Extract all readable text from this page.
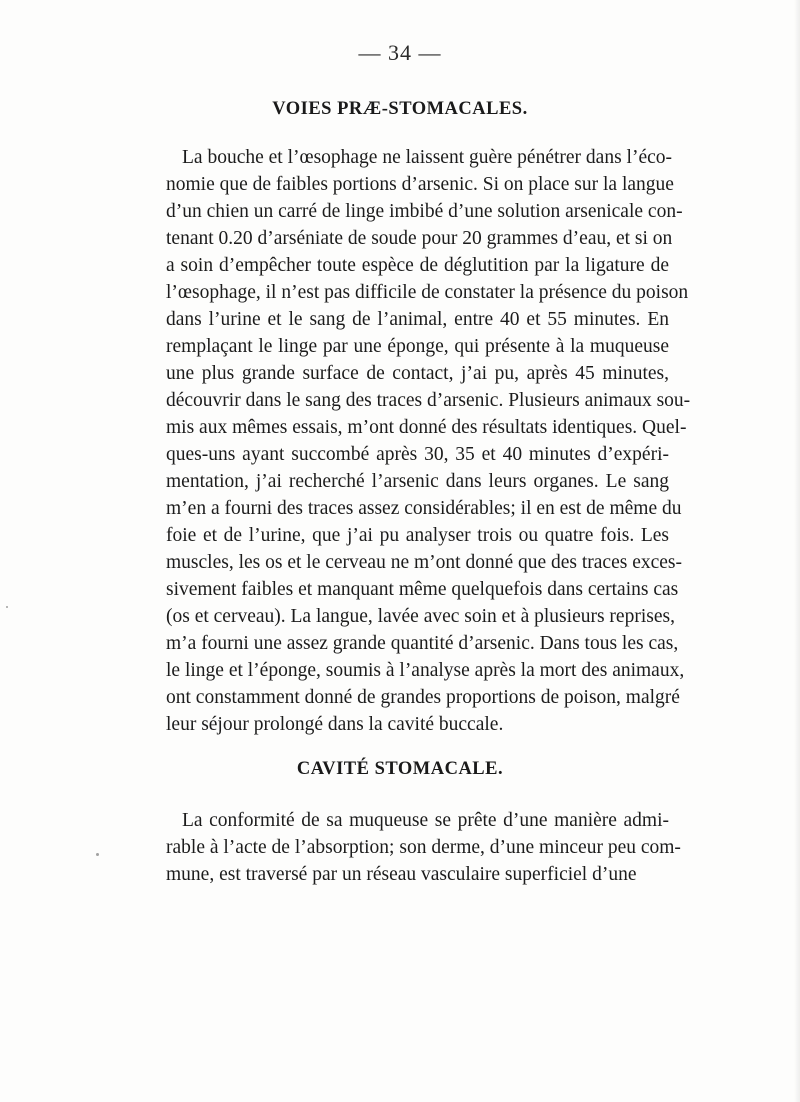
— 34 —
VOIES PRÆ-STOMACALES.
La bouche et l’œsophage ne laissent guère pénétrer dans l’éco-
nomie que de faibles portions d’arsenic. Si on place sur la langue
d’un chien un carré de linge imbibé d’une solution arsenicale con-
tenant 0.20 d’arséniate de soude pour 20 grammes d’eau, et si on
a soin d’empêcher toute espèce de déglutition par la ligature de
l’œsophage, il n’est pas difficile de constater la présence du poison
dans l’urine et le sang de l’animal, entre 40 et 55 minutes. En
remplaçant le linge par une éponge, qui présente à la muqueuse
une plus grande surface de contact, j’ai pu, après 45 minutes,
découvrir dans le sang des traces d’arsenic. Plusieurs animaux sou-
mis aux mêmes essais, m’ont donné des résultats identiques. Quel-
ques-uns ayant succombé après 30, 35 et 40 minutes d’expéri-
mentation, j’ai recherché l’arsenic dans leurs organes. Le sang
m’en a fourni des traces assez considérables; il en est de même du
foie et de l’urine, que j’ai pu analyser trois ou quatre fois. Les
muscles, les os et le cerveau ne m’ont donné que des traces exces-
sivement faibles et manquant même quelquefois dans certains cas
(os et cerveau). La langue, lavée avec soin et à plusieurs reprises,
m’a fourni une assez grande quantité d’arsenic. Dans tous les cas,
le linge et l’éponge, soumis à l’analyse après la mort des animaux,
ont constamment donné de grandes proportions de poison, malgré
leur séjour prolongé dans la cavité buccale.
CAVITÉ STOMACALE.
La conformité de sa muqueuse se prête d’une manière admi-
rable à l’acte de l’absorption; son derme, d’une minceur peu com-
mune, est traversé par un réseau vasculaire superficiel d’une
